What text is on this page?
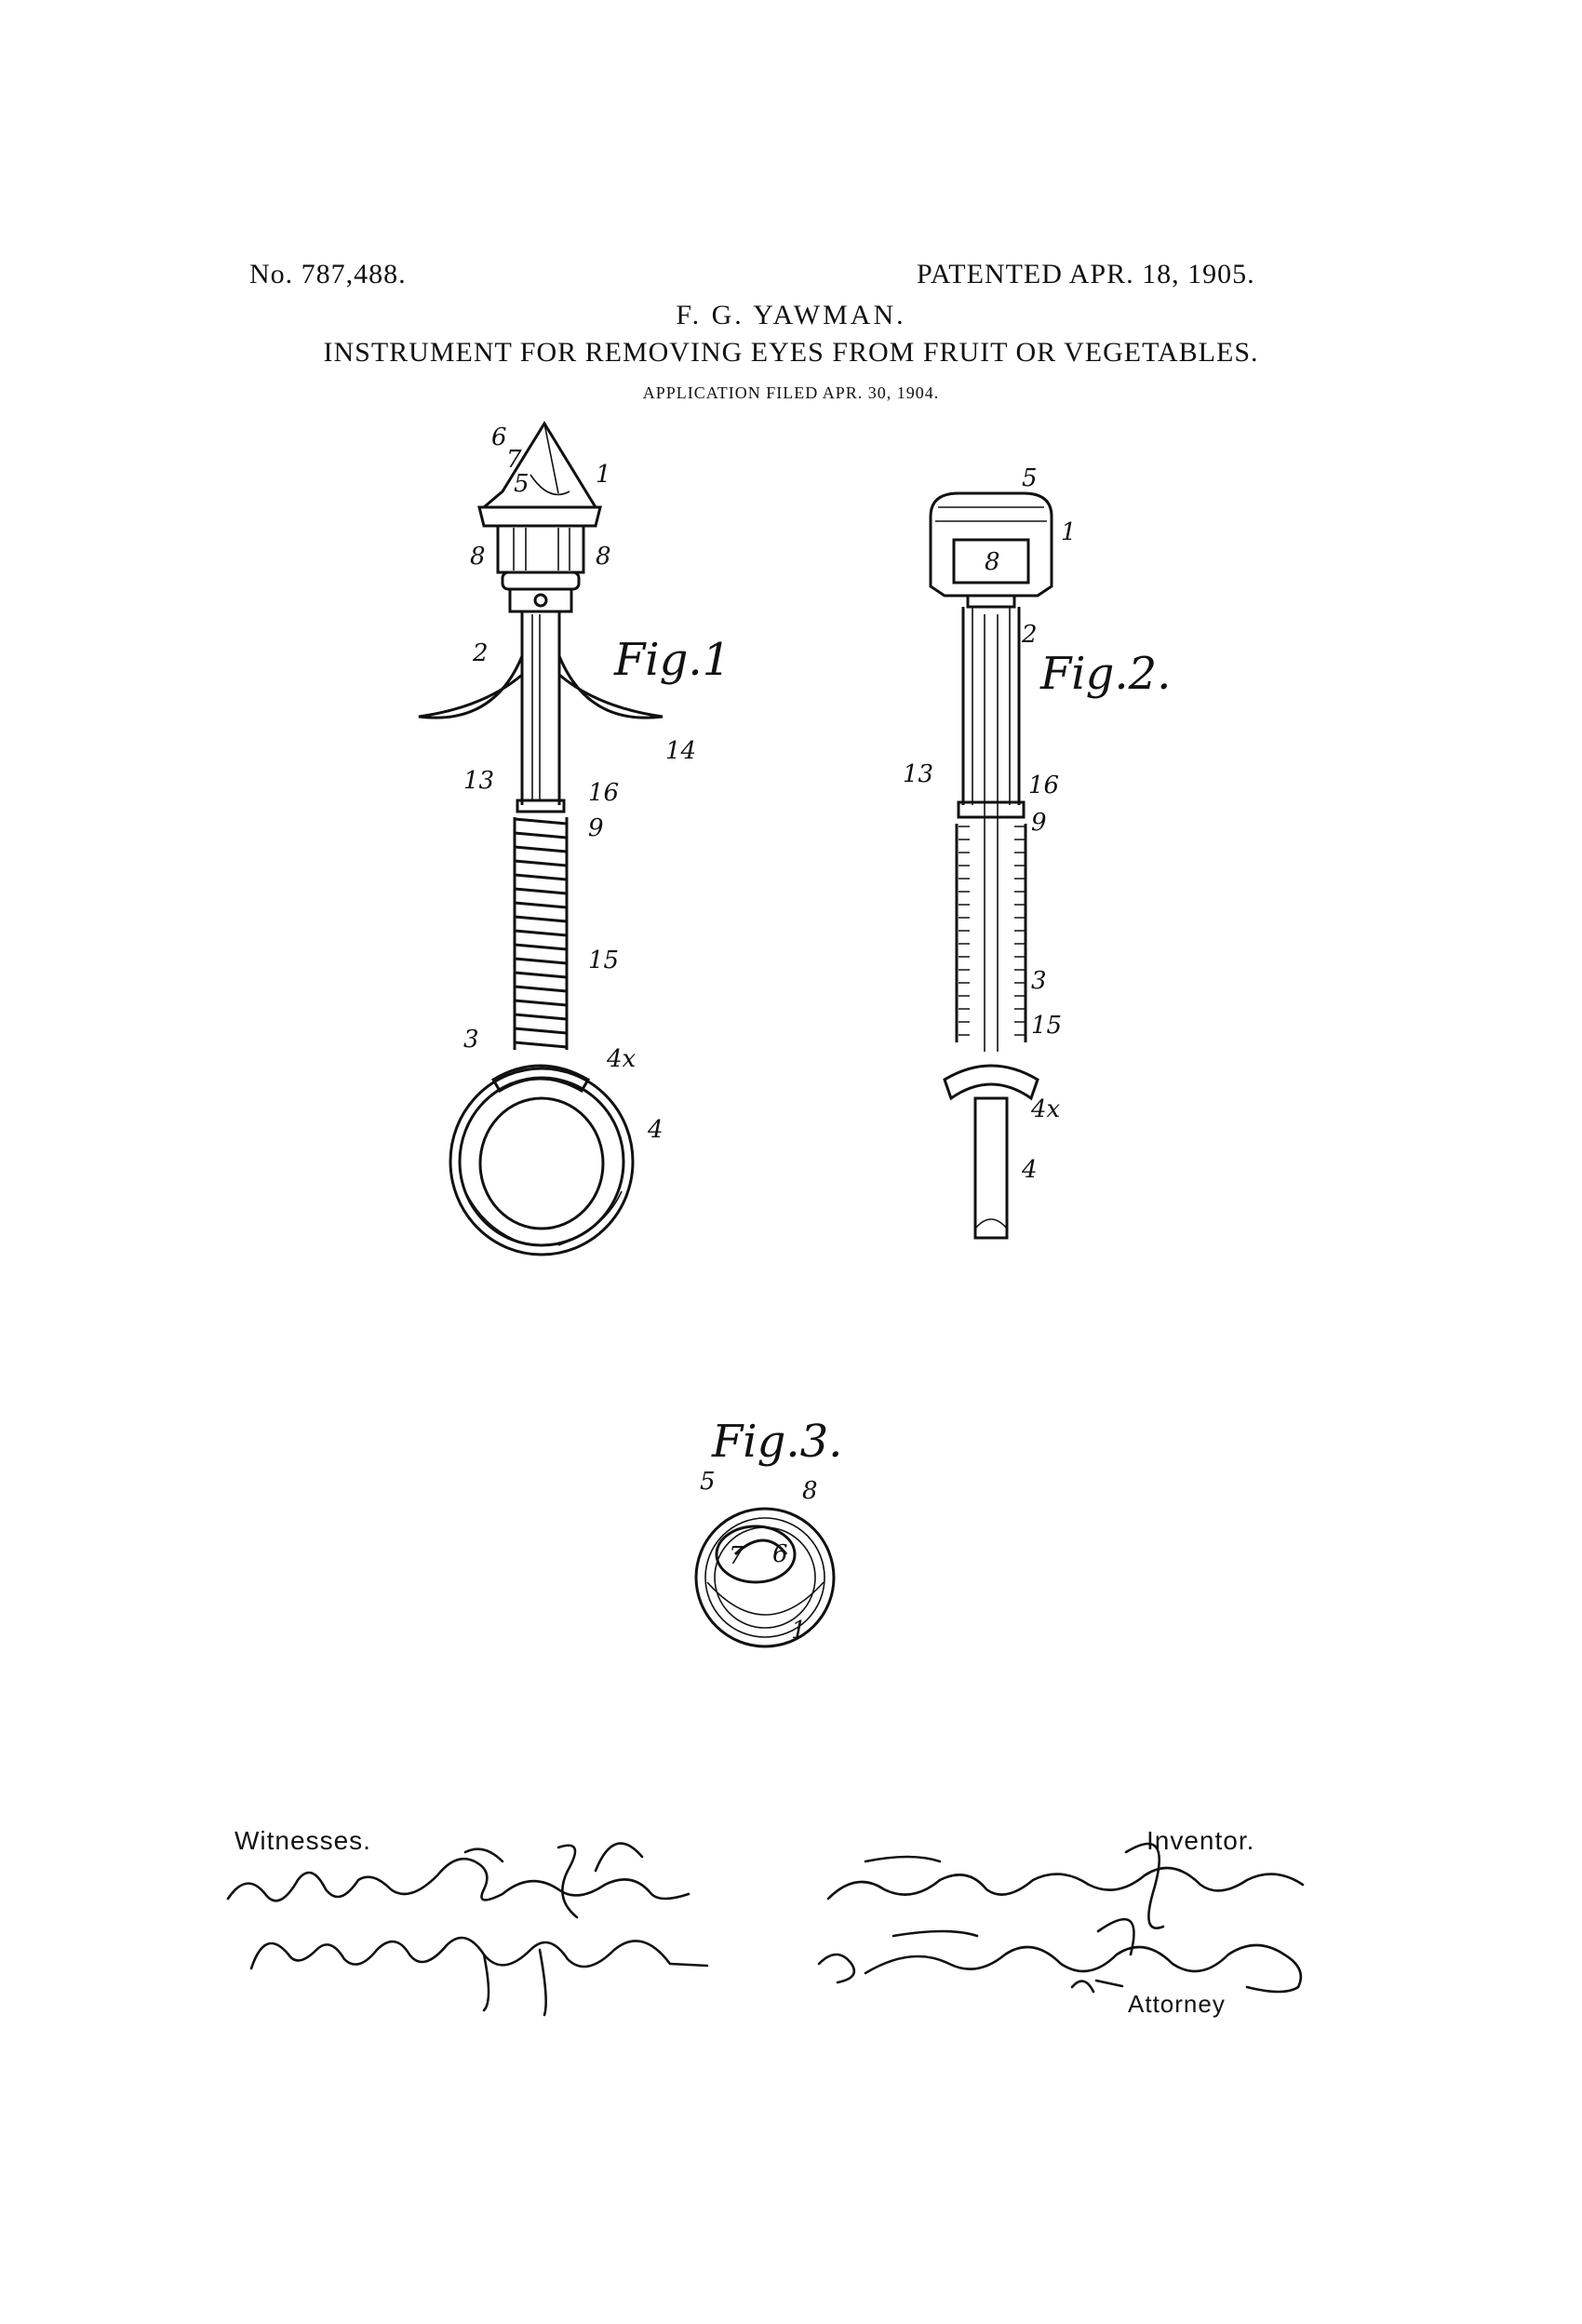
No. 787,488.	PATENTED APR. 18, 1905.
F. G. YAWMAN.
INSTRUMENT FOR REMOVING EYES FROM FRUIT OR VEGETABLES.
APPLICATION FILED APR. 30, 1904.
Fig.1	Fig.2.
Fig.3.
6
7
5	1
8	8
2
14
13	16
9
15
3
4x
4
5
8
1
2
13	16
9
3
15
4x
4
5	8
7 6
1
Witnesses.	Inventor.
Attorney
